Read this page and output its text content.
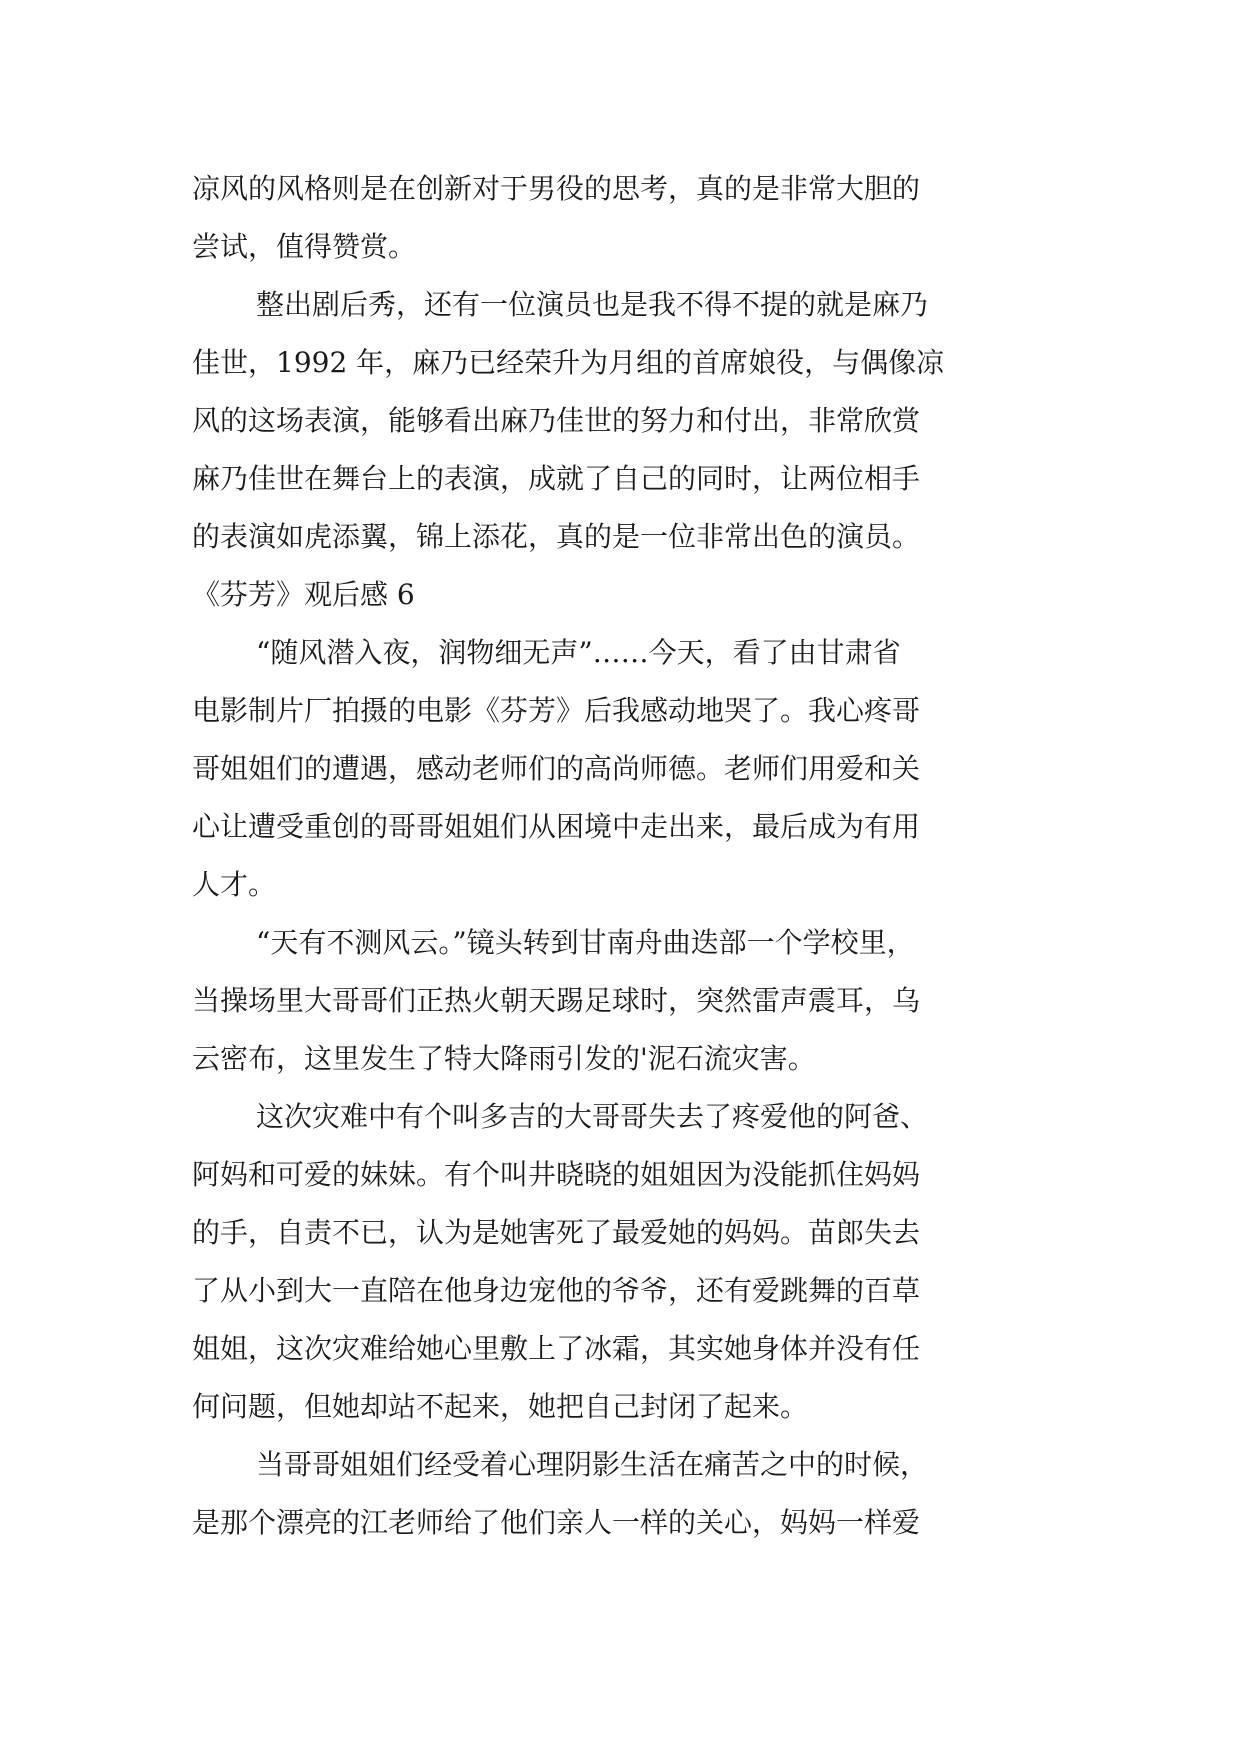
凉风的风格则是在创新对于男役的思考，真的是非常大胆的
尝试，值得赞赏。
整出剧后秀，还有一位演员也是我不得不提的就是麻乃
佳世，1992 年，麻乃已经荣升为月组的首席娘役，与偶像凉
风的这场表演，能够看出麻乃佳世的努力和付出，非常欣赏
麻乃佳世在舞台上的表演，成就了自己的同时，让两位相手
的表演如虎添翼，锦上添花，真的是一位非常出色的演员。
《芬芳》观后感 6
“随风潜入夜，润物细无声”……今天，看了由甘肃省
电影制片厂拍摄的电影《芬芳》后我感动地哭了。我心疼哥
哥姐姐们的遭遇，感动老师们的高尚师德。老师们用爱和关
心让遭受重创的哥哥姐姐们从困境中走出来，最后成为有用
人才。
“天有不测风云。”镜头转到甘南舟曲迭部一个学校里，
当操场里大哥哥们正热火朝天踢足球时，突然雷声震耳，乌
云密布，这里发生了特大降雨引发的'泥石流灾害。
这次灾难中有个叫多吉的大哥哥失去了疼爱他的阿爸、
阿妈和可爱的妹妹。有个叫井晓晓的姐姐因为没能抓住妈妈
的手，自责不已，认为是她害死了最爱她的妈妈。苗郎失去
了从小到大一直陪在他身边宠他的爷爷，还有爱跳舞的百草
姐姐，这次灾难给她心里敷上了冰霜，其实她身体并没有任
何问题，但她却站不起来，她把自己封闭了起来。
当哥哥姐姐们经受着心理阴影生活在痛苦之中的时候，
是那个漂亮的江老师给了他们亲人一样的关心，妈妈一样爱
